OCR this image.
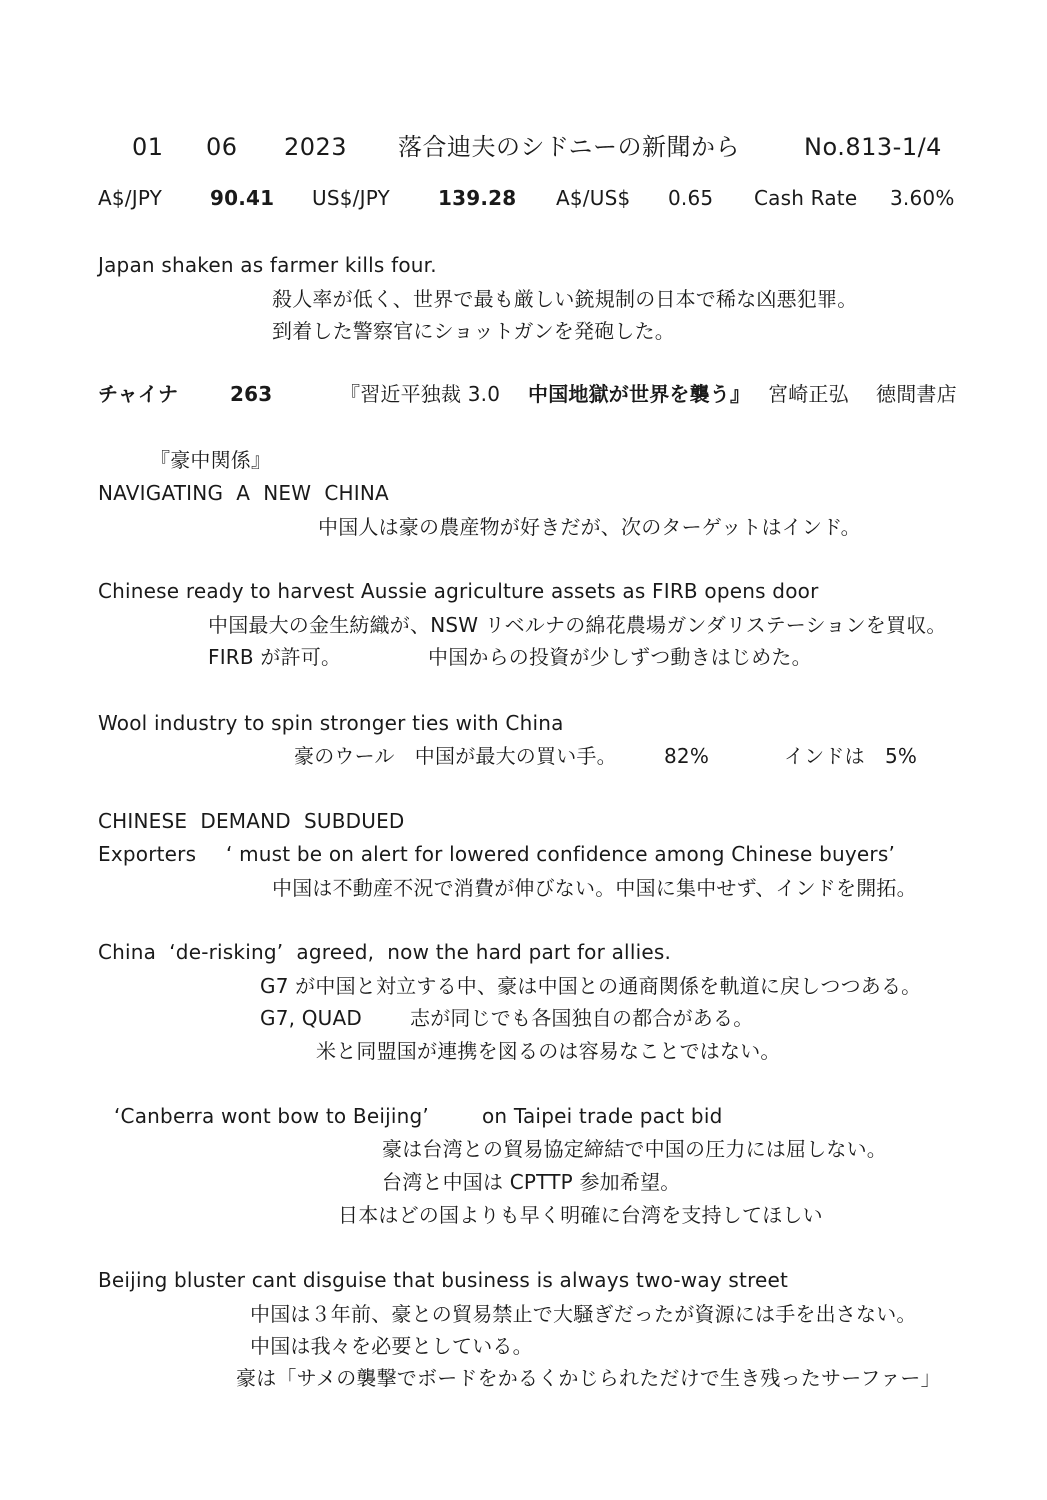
01 06 2023 落合迪夫のシドニーの新聞から	No.813-1/4
A$/JPY 90.41 US$/JPY 139.28 A$/US$ 0.65 Cash Rate 3.60%
Japan shaken as farmer kills four.
殺人率が低く、世界で最も厳しい銃規制の日本で稀な凶悪犯罪。
到着した警察官にショットガンを発砲した。
チャイナ	263	『習近平独裁 3.0 中国地獄が世界を襲う』 宮崎正弘 徳間書店
『豪中関係』
NAVIGATING  A  NEW  CHINA
中国人は豪の農産物が好きだが、次のターゲットはインド。
Chinese ready to harvest Aussie agriculture assets as FIRB opens door
中国最大の金生紡織が、NSW リベルナの綿花農場ガンダリステーションを買収。
FIRB が許可。	中国からの投資が少しずつ動きはじめた。
Wool industry to spin stronger ties with China
豪のウール　中国が最大の買い手。 82%	インドは　5%
CHINESE  DEMAND  SUBDUED
Exporters ‘ must be on alert for lowered confidence among Chinese buyers’
中国は不動産不況で消費が伸びない。中国に集中せず、インドを開拓。
China  ‘de-risking’  agreed,  now the hard part for allies.
G7 が中国と対立する中、豪は中国との通商関係を軌道に戻しつつある。
G7, QUAD 志が同じでも各国独自の都合がある。
米と同盟国が連携を図るのは容易なことではない。
‘Canberra wont bow to Beijing’	on Taipei trade pact bid
豪は台湾との貿易協定締結で中国の圧力には屈しない。
台湾と中国は CPTTP 参加希望。
日本はどの国よりも早く明確に台湾を支持してほしい
Beijing bluster cant disguise that business is always two-way street
中国は３年前、豪との貿易禁止で大騒ぎだったが資源には手を出さない。
中国は我々を必要としている。
豪は「サメの襲撃でボードをかるくかじられただけで生き残ったサーファー」
